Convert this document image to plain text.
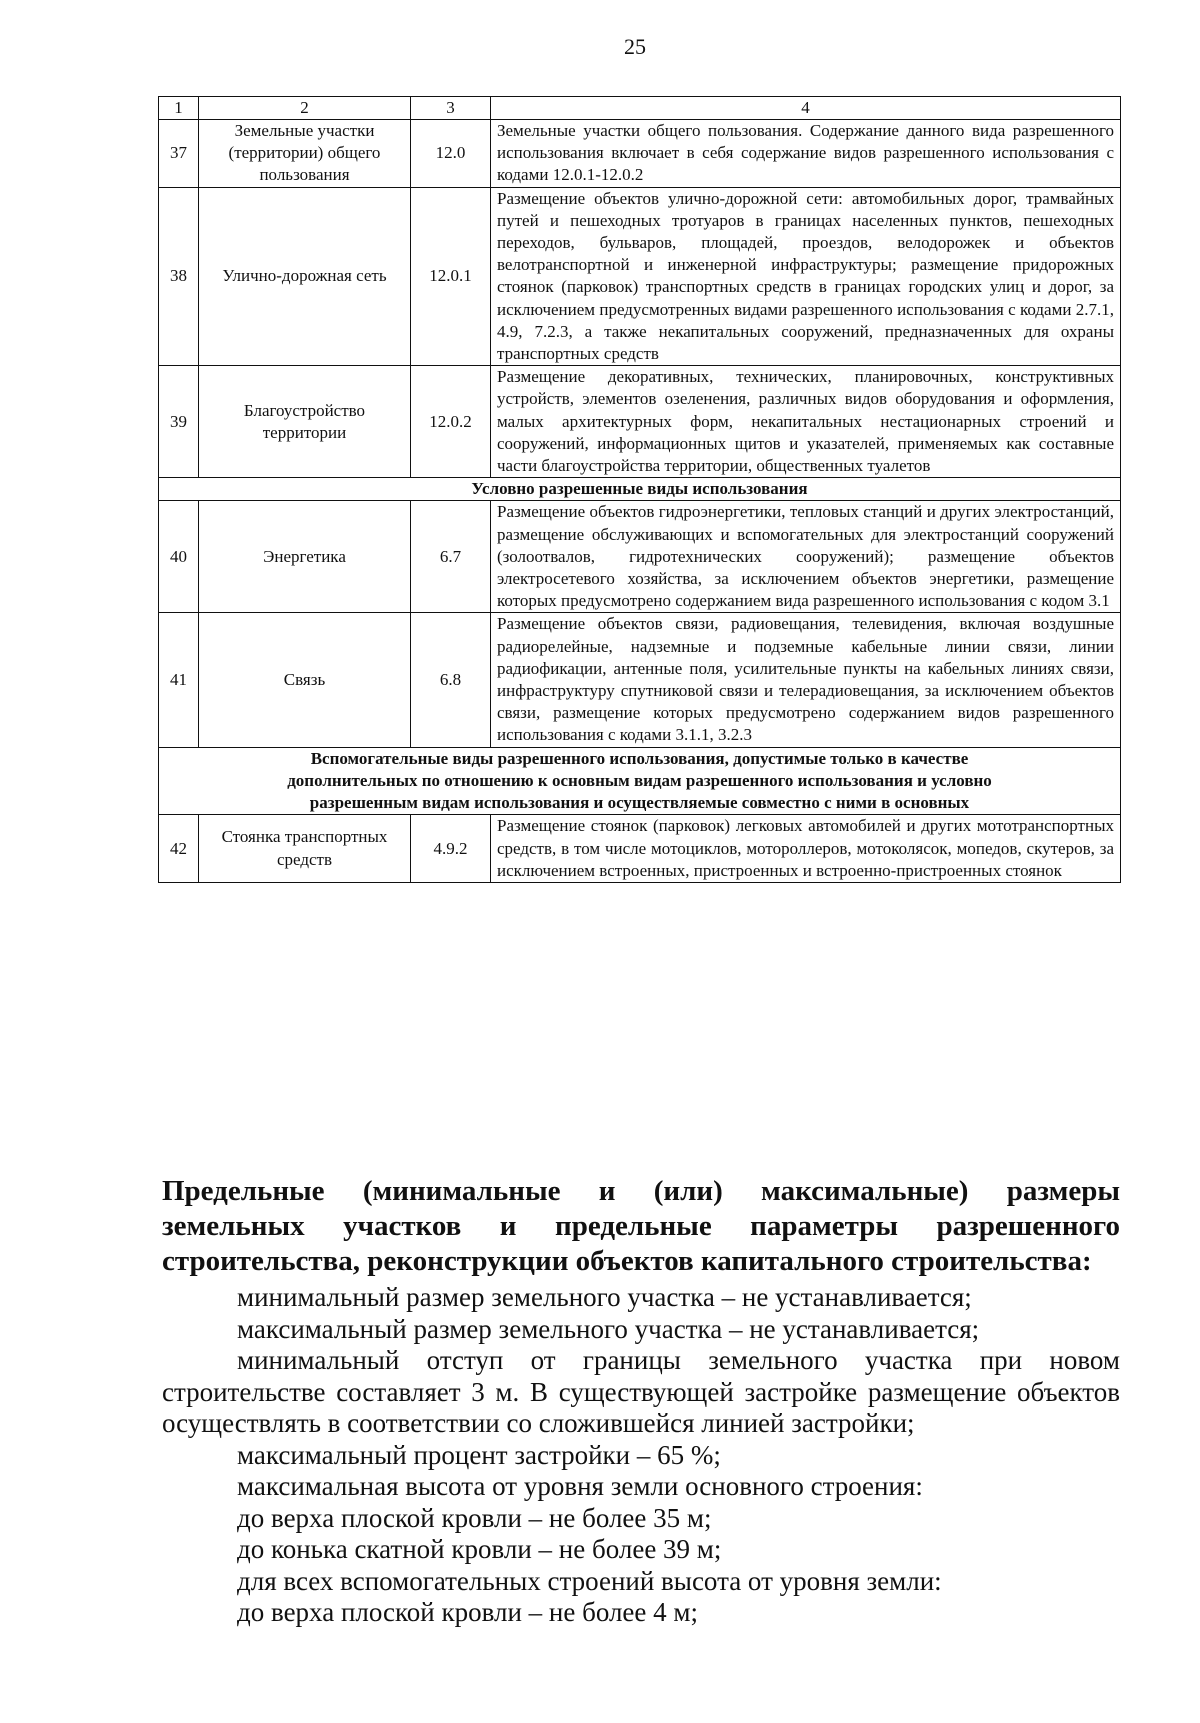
25
1	2	3	4
37	Земельные участки (территории) общего пользования	12.0	Земельные участки общего пользования. Содержание данного вида разрешенного использования включает в себя содержание видов разрешенного использования с кодами 12.0.1-12.0.2
38	Улично-дорожная сеть	12.0.1	Размещение объектов улично-дорожной сети: автомобильных дорог, трамвайных путей и пешеходных тротуаров в границах населенных пунктов, пешеходных переходов, бульваров, площадей, проездов, велодорожек и объектов велотранспортной и инженерной инфраструктуры; размещение придорожных стоянок (парковок) транспортных средств в границах городских улиц и дорог, за исключением предусмотренных видами разрешенного использования с кодами 2.7.1, 4.9, 7.2.3, а также некапитальных сооружений, предназначенных для охраны транспортных средств
39	Благоустройство территории	12.0.2	Размещение декоративных, технических, планировочных, конструктивных устройств, элементов озеленения, различных видов оборудования и оформления, малых архитектурных форм, некапитальных нестационарных строений и сооружений, информационных щитов и указателей, применяемых как составные части благоустройства территории, общественных туалетов
Условно разрешенные виды использования			
40	Энергетика	6.7	Размещение объектов гидроэнергетики, тепловых станций и других электростанций, размещение обслуживающих и вспомогательных для электростанций сооружений (золоотвалов, гидротехнических сооружений); размещение объектов электросетевого хозяйства, за исключением объектов энергетики, размещение которых предусмотрено содержанием вида разрешенного использования с кодом 3.1
41	Связь	6.8	Размещение объектов связи, радиовещания, телевидения, включая воздушные радиорелейные, надземные и подземные кабельные линии связи, линии радиофикации, антенные поля, усилительные пункты на кабельных линиях связи, инфраструктуру спутниковой связи и телерадиовещания, за исключением объектов связи, размещение которых предусмотрено содержанием видов разрешенного использования с кодами 3.1.1, 3.2.3

Вспомогательные виды разрешенного использования, допустимые только в качестве
дополнительных по отношению к основным видам разрешенного использования и условно
разрешенным видам использования и осуществляемые совместно с ними в основных			

42	Стоянка транспортных средств	4.9.2	Размещение стоянок (парковок) легковых автомобилей и других мототранспортных средств, в том числе мотоциклов, мотороллеров, мотоколясок, мопедов, скутеров, за исключением встроенных, пристроенных и встроенно-пристроенных стоянок
Предельные (минимальные и (или) максимальные) размеры
земельных участков и предельные параметры разрешенного
строительства, реконструкции объектов капитального строительства:

минимальный размер земельного участка – не устанавливается;

максимальный размер земельного участка – не устанавливается;

минимальный отступ от границы земельного участка при новом строительстве составляет 3 м. В существующей застройке размещение объектов осуществлять в соответствии со сложившейся линией застройки;

максимальный процент застройки – 65 %;

максимальная высота от уровня земли основного строения:

до верха плоской кровли – не более 35 м;

до конька скатной кровли – не более 39 м;

для всех вспомогательных строений высота от уровня земли:

до верха плоской кровли – не более 4 м;
